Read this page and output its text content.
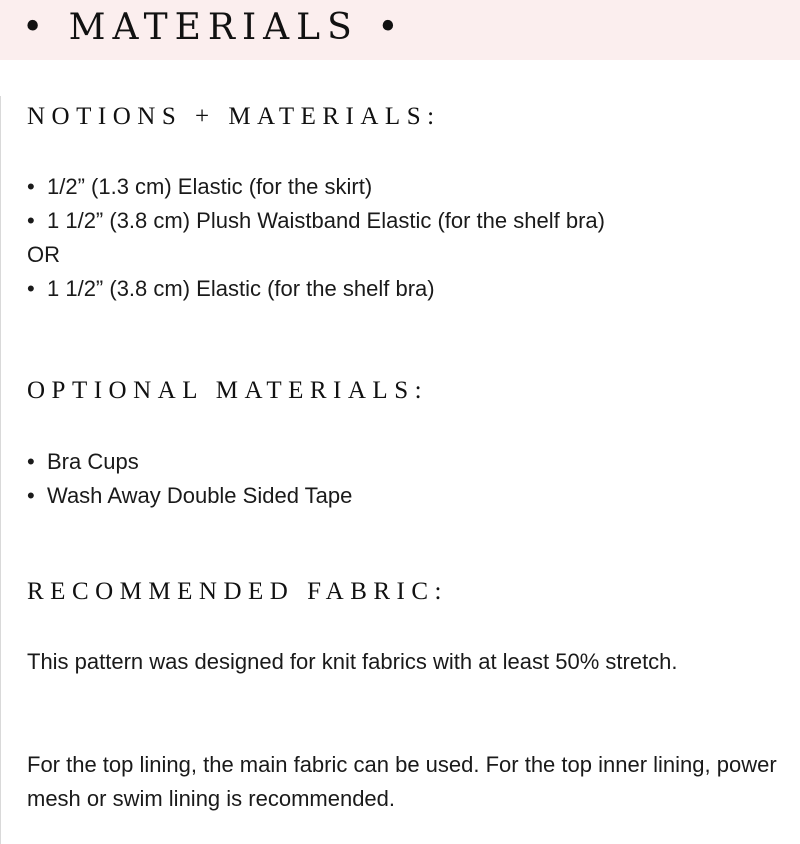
• MATERIALS •
NOTIONS + MATERIALS:
• 1/2” (1.3 cm) Elastic (for the skirt)
• 1 1/2” (3.8 cm) Plush Waistband Elastic (for the shelf bra)
OR
• 1 1/2” (3.8 cm) Elastic (for the shelf bra)
OPTIONAL MATERIALS:
• Bra Cups
• Wash Away Double Sided Tape
RECOMMENDED FABRIC:

This pattern was designed for knit fabrics with at least 50% stretch.

For the top lining, the main fabric can be used. For the top inner lining, power mesh or swim lining is recommended.
